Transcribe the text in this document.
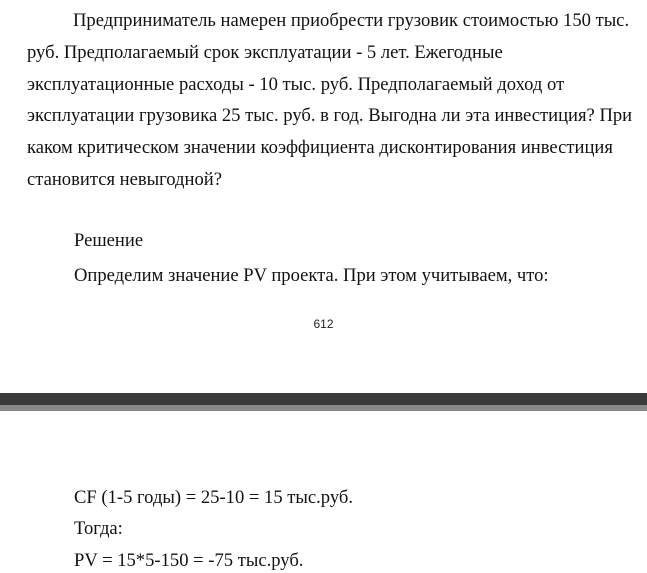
Предприниматель намерен приобрести грузовик стоимостью 150 тыс. руб. Предполагаемый срок эксплуатации - 5 лет. Ежегодные эксплуатационные расходы - 10 тыс. руб. Предполагаемый доход от эксплуатации грузовика 25 тыс. руб. в год. Выгодна ли эта инвестиция? При каком критическом значении коэффициента дисконтирования инвестиция становится невыгодной?

Решение

Определим значение PV проекта. При этом учитываем, что:

612

CF (1-5 годы) = 25-10 = 15 тыс.руб.

Тогда:

PV = 15*5-150 = -75 тыс.руб.
